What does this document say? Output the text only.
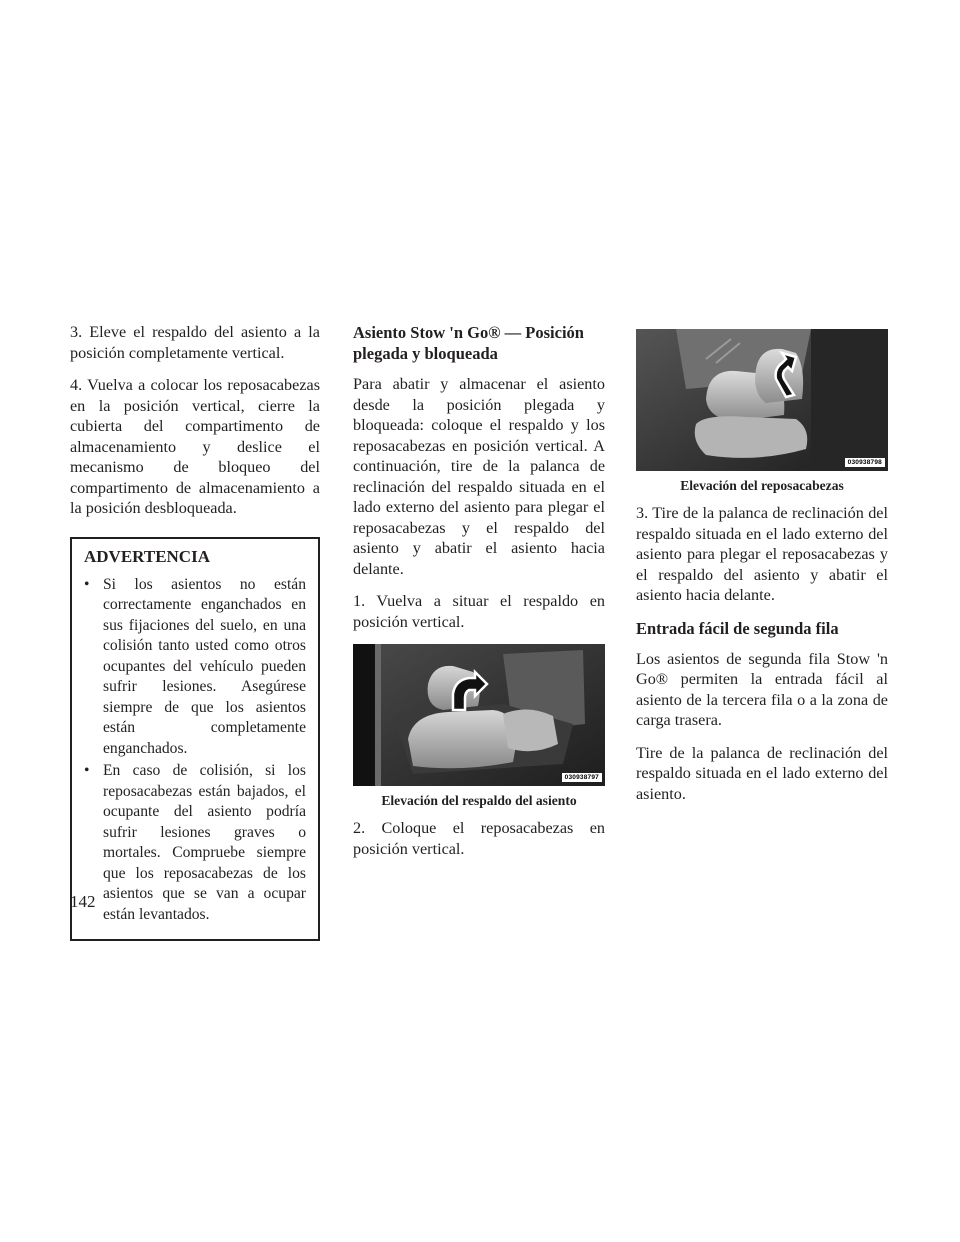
3. Eleve el respaldo del asiento a la posición completamente vertical.

4. Vuelva a colocar los reposacabezas en la posición vertical, cierre la cubierta del compartimento de almacenamiento y deslice el mecanismo de bloqueo del compartimento de almacenamiento a la posición desbloqueada.

ADVERTENCIA
• Si los asientos no están correctamente enganchados en sus fijaciones del suelo, en una colisión tanto usted como otros ocupantes del vehículo pueden sufrir lesiones. Asegúrese siempre de que los asientos están completamente enganchados.
• En caso de colisión, si los reposacabezas están bajados, el ocupante del asiento podría sufrir lesiones graves o mortales. Compruebe siempre que los reposacabezas de los asientos que se van a ocupar están levantados.
Asiento Stow 'n Go® — Posición plegada y bloqueada

Para abatir y almacenar el asiento desde la posición plegada y bloqueada: coloque el respaldo y los reposacabezas en posición vertical. A continuación, tire de la palanca de reclinación del respaldo situada en el lado externo del asiento para plegar el reposacabezas y el respaldo del asiento y abatir el asiento hacia delante.

1. Vuelva a situar el respaldo en posición vertical.

030938797
Elevación del respaldo del asiento

2. Coloque el reposacabezas en posición vertical.

030938798
Elevación del reposacabezas

3. Tire de la palanca de reclinación del respaldo situada en el lado externo del asiento para plegar el reposacabezas y el respaldo del asiento y abatir el asiento hacia delante.

Entrada fácil de segunda fila

Los asientos de segunda fila Stow 'n Go® permiten la entrada fácil al asiento de la tercera fila o a la zona de carga trasera.

Tire de la palanca de reclinación del respaldo situada en el lado externo del asiento.

142
